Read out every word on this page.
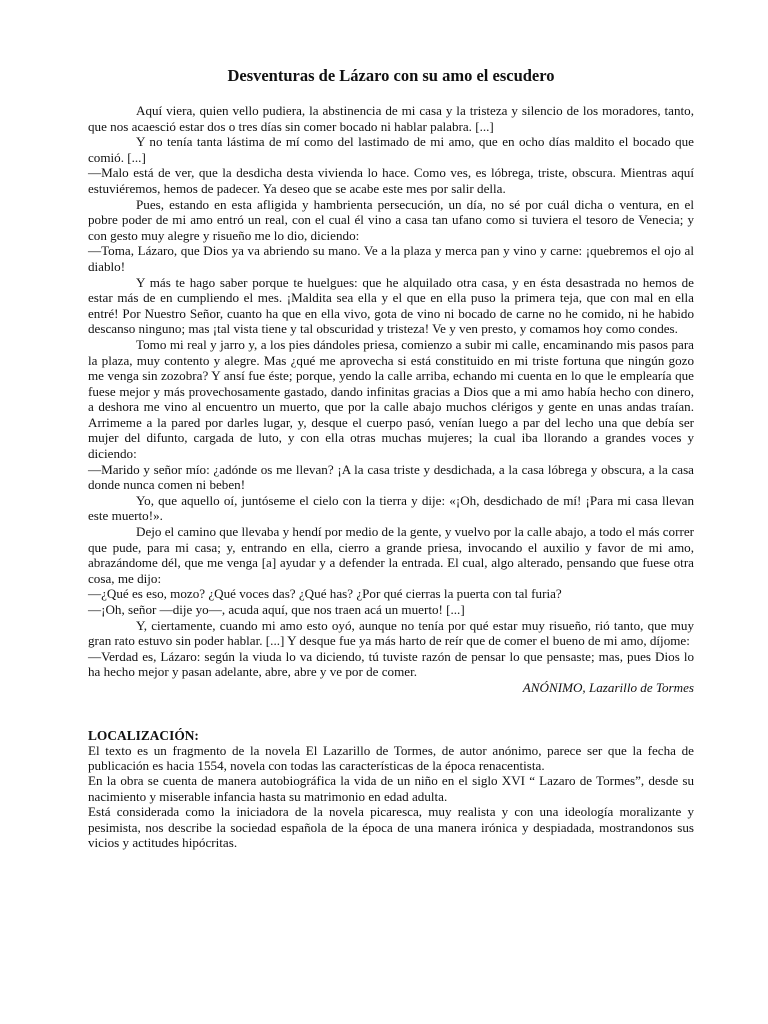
Desventuras de Lázaro con su amo el escudero

Aquí viera, quien vello pudiera, la abstinencia de mi casa y la tristeza y silencio de los moradores, tanto, que nos acaesció estar dos o tres días sin comer bocado ni hablar palabra. [...]

Y no tenía tanta lástima de mí como del lastimado de mi amo, que en ocho días maldito el bocado que comió. [...]

—Malo está de ver, que la desdicha desta vivienda lo hace. Como ves, es lóbrega, triste, obscura. Mientras aquí estuviéremos, hemos de padecer. Ya deseo que se acabe este mes por salir della.

Pues, estando en esta afligida y hambrienta persecución, un día, no sé por cuál dicha o ventura, en el pobre poder de mi amo entró un real, con el cual él vino a casa tan ufano como si tuviera el tesoro de Venecia; y con gesto muy alegre y risueño me lo dio, diciendo:

—Toma, Lázaro, que Dios ya va abriendo su mano. Ve a la plaza y merca pan y vino y carne: ¡quebremos el ojo al diablo!

Y más te hago saber porque te huelgues: que he alquilado otra casa, y en ésta desastrada no hemos de estar más de en cumpliendo el mes. ¡Maldita sea ella y el que en ella puso la primera teja, que con mal en ella entré! Por Nuestro Señor, cuanto ha que en ella vivo, gota de vino ni bocado de carne no he comido, ni he habido descanso ninguno; mas ¡tal vista tiene y tal obscuridad y tristeza! Ve y ven presto, y comamos hoy como condes.

Tomo mi real y jarro y, a los pies dándoles priesa, comienzo a subir mi calle, encaminando mis pasos para la plaza, muy contento y alegre. Mas ¿qué me aprovecha si está constituido en mi triste fortuna que ningún gozo me venga sin zozobra? Y ansí fue éste; porque, yendo la calle arriba, echando mi cuenta en lo que le emplearía que fuese mejor y más provechosamente gastado, dando infinitas gracias a Dios que a mi amo había hecho con dinero, a deshora me vino al encuentro un muerto, que por la calle abajo muchos clérigos y gente en unas andas traían. Arrimeme a la pared por darles lugar, y, desque el cuerpo pasó, venían luego a par del lecho una que debía ser mujer del difunto, cargada de luto, y con ella otras muchas mujeres; la cual iba llorando a grandes voces y diciendo:

—Marido y señor mío: ¿adónde os me llevan? ¡A la casa triste y desdichada, a la casa lóbrega y obscura, a la casa donde nunca comen ni beben!

Yo, que aquello oí, juntóseme el cielo con la tierra y dije: «¡Oh, desdichado de mí! ¡Para mi casa llevan este muerto!».

Dejo el camino que llevaba y hendí por medio de la gente, y vuelvo por la calle abajo, a todo el más correr que pude, para mi casa; y, entrando en ella, cierro a grande priesa, invocando el auxilio y favor de mi amo, abrazándome dél, que me venga [a] ayudar y a defender la entrada. El cual, algo alterado, pensando que fuese otra cosa, me dijo:

—¿Qué es eso, mozo? ¿Qué voces das? ¿Qué has? ¿Por qué cierras la puerta con tal furia?

—¡Oh, señor —dije yo—, acuda aquí, que nos traen acá un muerto! [...]

Y, ciertamente, cuando mi amo esto oyó, aunque no tenía por qué estar muy risueño, rió tanto, que muy gran rato estuvo sin poder hablar. [...] Y desque fue ya más harto de reír que de comer el bueno de mi amo, díjome:

—Verdad es, Lázaro: según la viuda lo va diciendo, tú tuviste razón de pensar lo que pensaste; mas, pues Dios lo ha hecho mejor y pasan adelante, abre, abre y ve por de comer.

ANÓNIMO, Lazarillo de Tormes

LOCALIZACIÓN:

El texto es un fragmento de la novela El Lazarillo de Tormes, de autor anónimo, parece ser que la fecha de publicación es hacia 1554, novela con todas las características de la época renacentista.

En la obra se cuenta de manera autobiográfica la vida de un niño en el siglo XVI “ Lazaro de Tormes”, desde su nacimiento y miserable infancia hasta su matrimonio en edad adulta.

Está considerada como la iniciadora de la novela picaresca, muy realista y con una ideología moralizante y pesimista, nos describe la sociedad española de la época de una manera irónica y despiadada, mostrandonos sus vicios y actitudes hipócritas.
